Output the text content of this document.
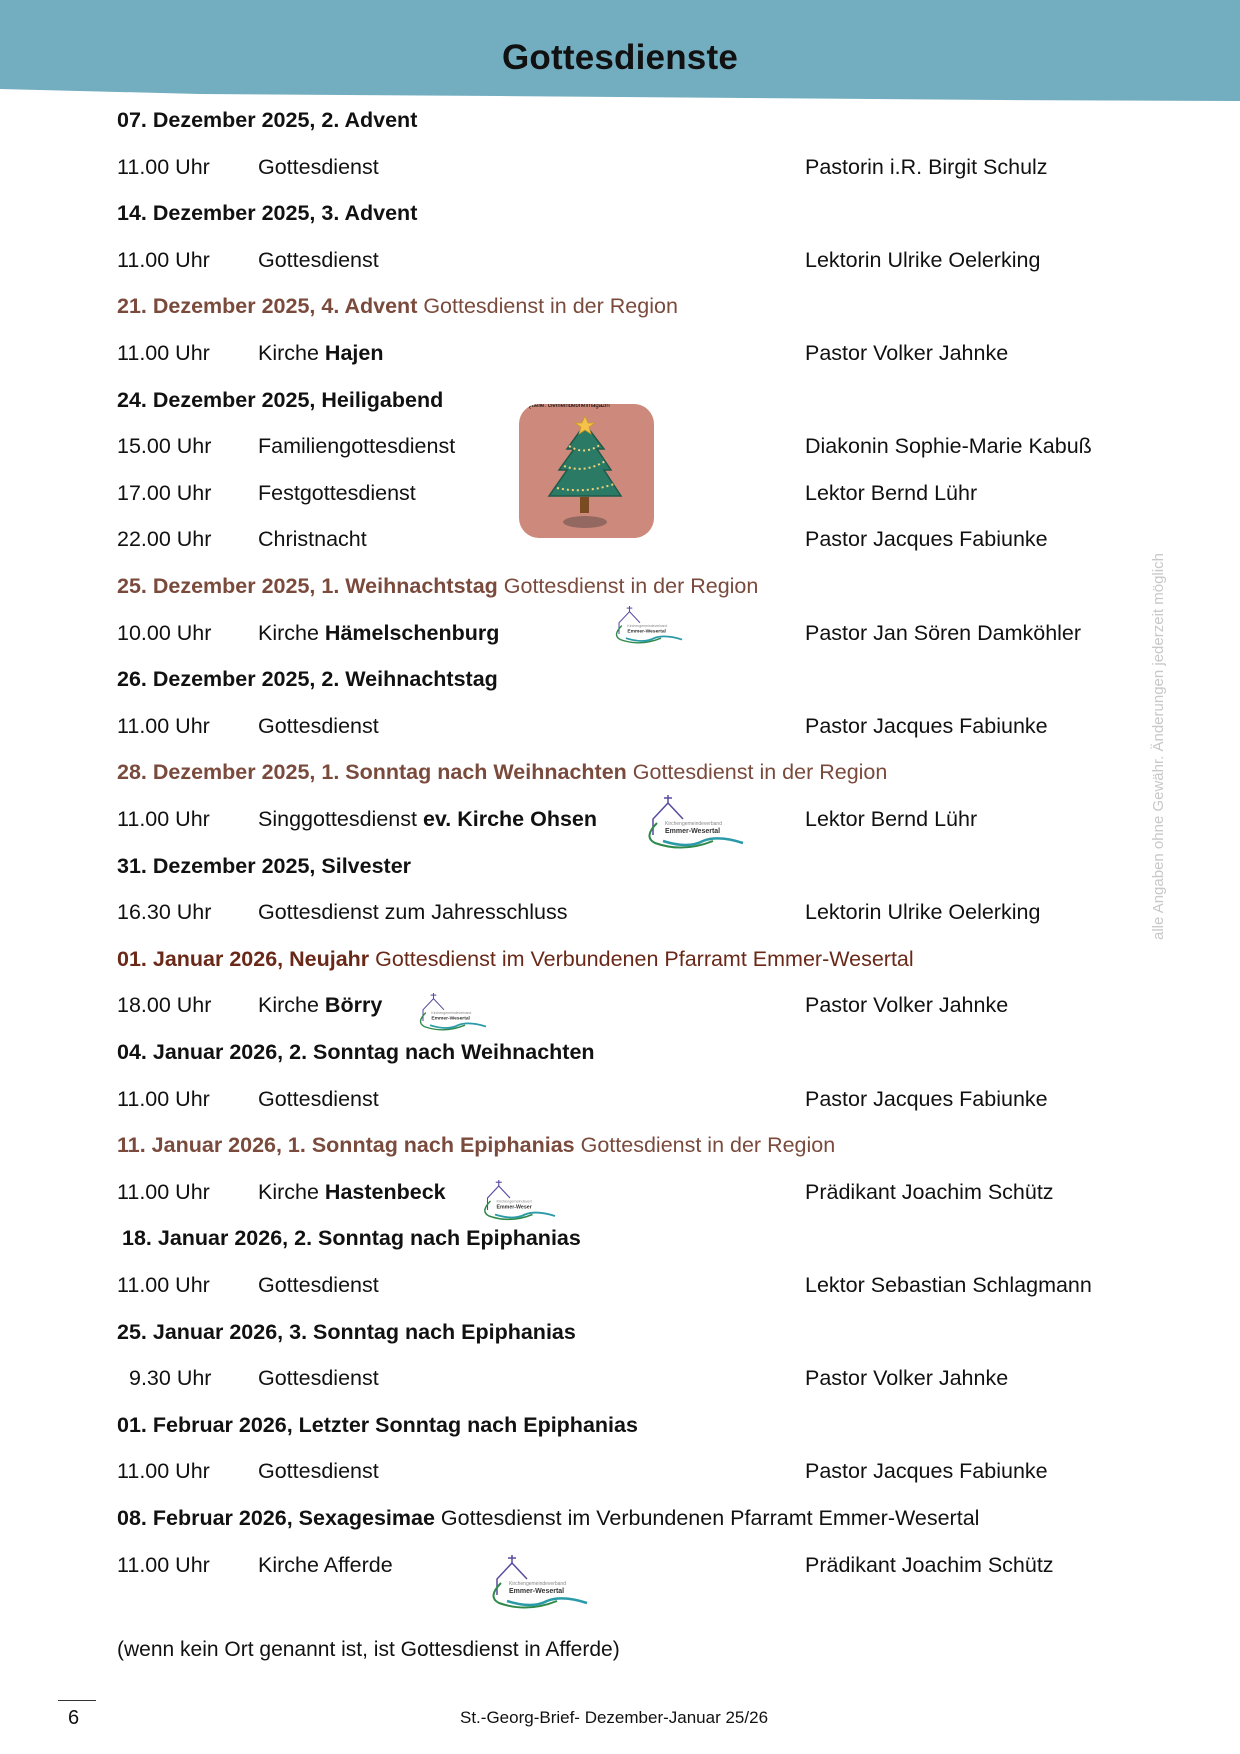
Gottesdienste
07. Dezember 2025, 2. Advent
11.00 Uhr Gottesdienst	Pastorin i.R. Birgit Schulz
14. Dezember 2025, 3. Advent
11.00 Uhr Gottesdienst	Lektorin Ulrike Oelerking
21. Dezember 2025, 4. Advent Gottesdienst in der Region
11.00 Uhr Kirche Hajen	Pastor Volker Jahnke
24. Dezember 2025, Heiligabend
15.00 Uhr Familiengottesdienst	Diakonin Sophie-Marie Kabuß
17.00 Uhr Festgottesdienst	Lektor Bernd Lühr
22.00 Uhr Christnacht	Pastor Jacques Fabiunke
25. Dezember 2025, 1. Weihnachtstag Gottesdienst in der Region
10.00 Uhr Kirche Hämelschenburg	Pastor Jan Sören Damköhler
Kirchengemeindeverband
Emmer-Wesertal
26. Dezember 2025, 2. Weihnachtstag
11.00 Uhr Gottesdienst	Pastor Jacques Fabiunke
28. Dezember 2025, 1. Sonntag nach Weihnachten Gottesdienst in der Region
11.00 Uhr Singgottesdienst ev. Kirche Ohsen	Lektor Bernd Lühr
Kirchengemeindeverband
Emmer-Wesertal
31. Dezember 2025, Silvester
16.30 Uhr Gottesdienst zum Jahresschluss	Lektorin Ulrike Oelerking
01. Januar 2026, Neujahr Gottesdienst im Verbundenen Pfarramt Emmer-Wesertal
18.00 Uhr Kirche Börry	Pastor Volker Jahnke
Kirchengemeindeverband
Emmer-Wesertal
04. Januar 2026, 2. Sonntag nach Weihnachten
11.00 Uhr Gottesdienst	Pastor Jacques Fabiunke
11. Januar 2026, 1. Sonntag nach Epiphanias Gottesdienst in der Region
11.00 Uhr Kirche Hastenbeck	Prädikant Joachim Schütz
Kirchengemeindeverl
Emmer-Weser
18. Januar 2026, 2. Sonntag nach Epiphanias
11.00 Uhr Gottesdienst	Lektor Sebastian Schlagmann
25. Januar 2026, 3. Sonntag nach Epiphanias
9.30 Uhr Gottesdienst	Pastor Volker Jahnke
01. Februar 2026, Letzter Sonntag nach Epiphanias
11.00 Uhr Gottesdienst	Pastor Jacques Fabiunke
08. Februar 2026, Sexagesimae Gottesdienst im Verbundenen Pfarramt Emmer-Wesertal
11.00 Uhr Kirche Afferde	Prädikant Joachim Schütz
Kirchengemeindeverband
Emmer-Wesertal
Quelle: Gemeindebriefmagazin
alle Angaben ohne Gewähr. Änderungen jederzeit möglich
(wenn kein Ort genannt ist, ist Gottesdienst in Afferde)
6	St.-Georg-Brief- Dezember-Januar 25/26
